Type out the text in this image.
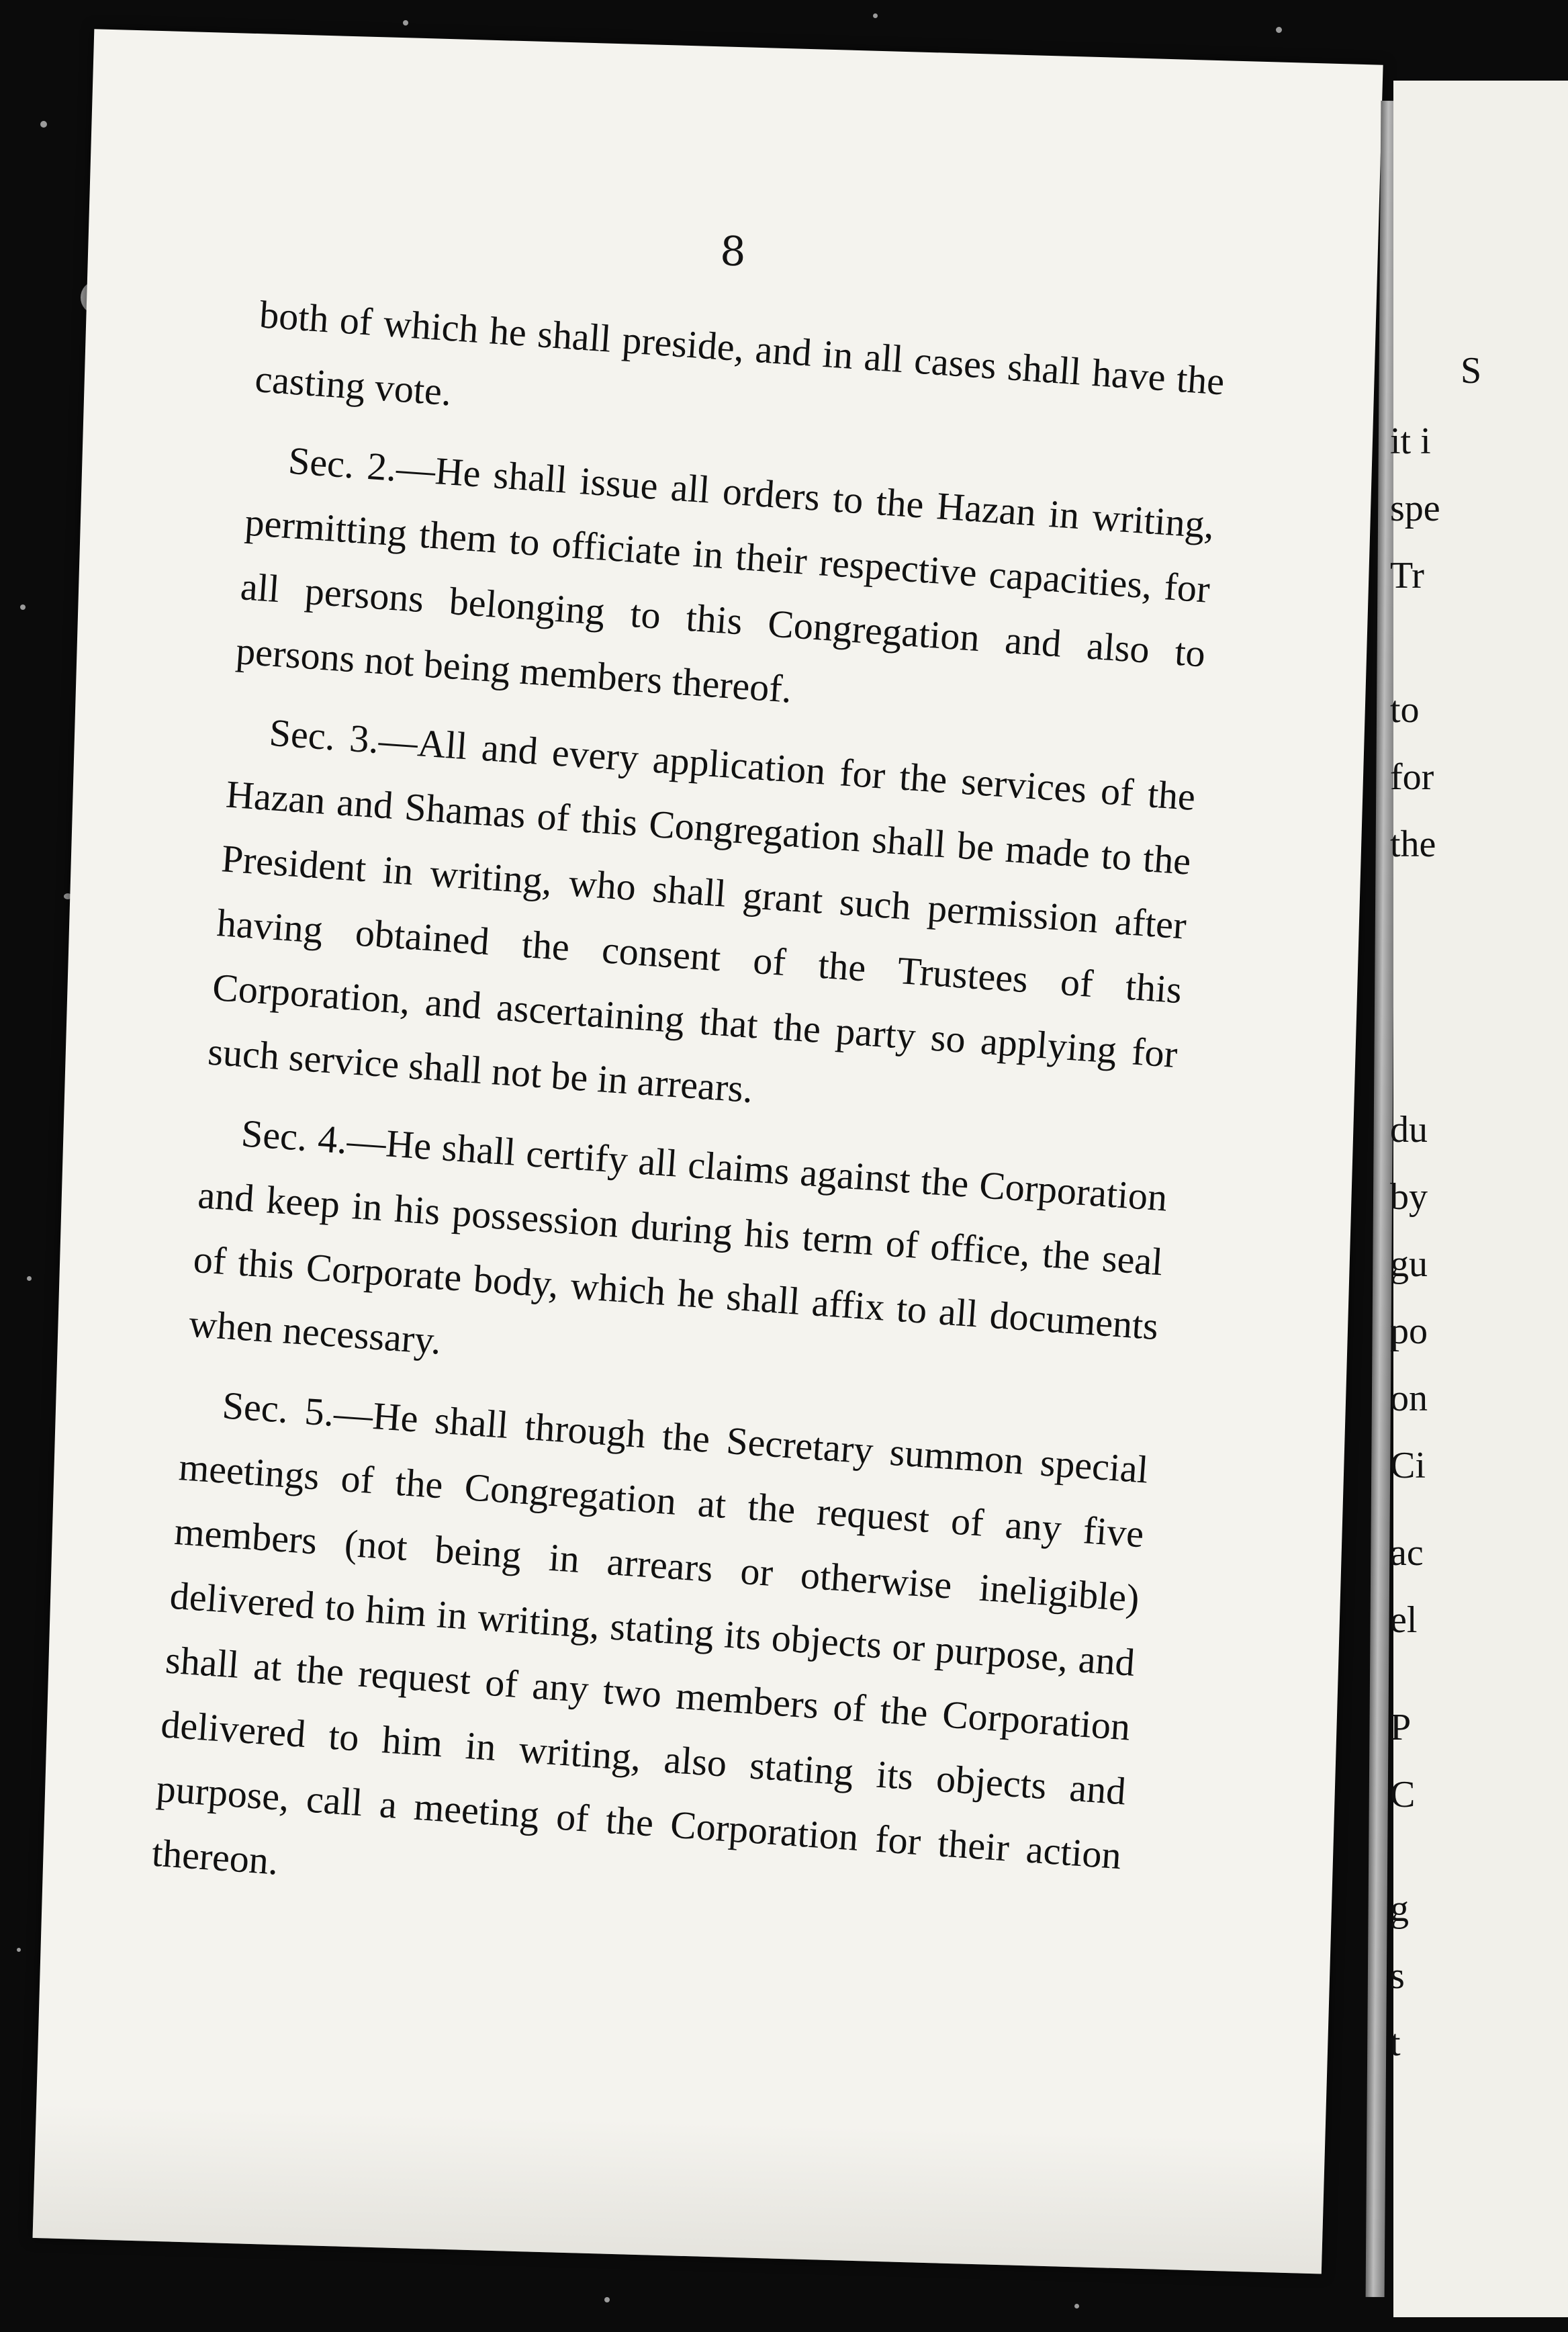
8

both of which he shall preside, and in all cases shall have the casting vote.

Sec. 2.—He shall issue all orders to the Hazan in writing, permitting them to officiate in their respective capacities, for all persons belonging to this Congregation and also to persons not being members thereof.

Sec. 3.—All and every application for the services of the Hazan and Shamas of this Congregation shall be made to the President in writing, who shall grant such permission after having obtained the consent of the Trustees of this Corporation, and ascertaining that the party so applying for such service shall not be in arrears.

Sec. 4.—He shall certify all claims against the Corporation and keep in his possession during his term of office, the seal of this Corporate body, which he shall affix to all documents when necessary.

Sec. 5.—He shall through the Secretary summon special meetings of the Congregation at the request of any five members (not being in arrears or otherwise ineligible) delivered to him in writing, stating its objects or purpose, and shall at the request of any two members of the Corporation delivered to him in writing, also stating its objects and purpose, call a meeting of the Corporation for their action thereon.

S
it i
spe
Tr
to
for
the
du
by
gu
po
on
Ci
ac
el
P
C
g
s
t
